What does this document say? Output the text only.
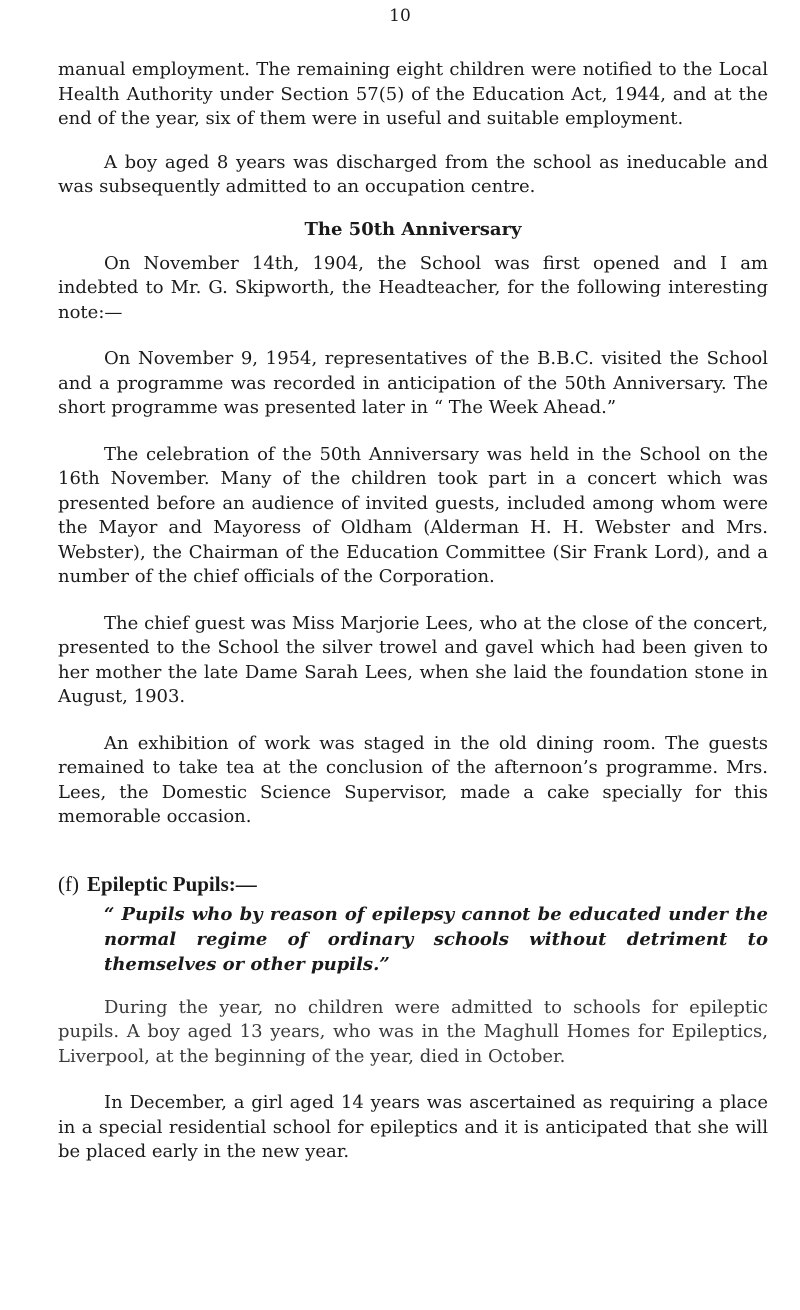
10

manual employment. The remaining eight children were notified to the Local Health Authority under Section 57(5) of the Education Act, 1944, and at the end of the year, six of them were in useful and suitable employment.

A boy aged 8 years was discharged from the school as ineducable and was subsequently admitted to an occupation centre.

The 50th Anniversary

On November 14th, 1904, the School was first opened and I am indebted to Mr. G. Skipworth, the Headteacher, for the following interesting note:—

On November 9, 1954, representatives of the B.B.C. visited the School and a programme was recorded in anticipation of the 50th Anniversary. The short programme was presented later in “ The Week Ahead.”

The celebration of the 50th Anniversary was held in the School on the 16th November. Many of the children took part in a concert which was presented before an audience of invited guests, included among whom were the Mayor and Mayoress of Oldham (Alderman H. H. Webster and Mrs. Webster), the Chairman of the Education Committee (Sir Frank Lord), and a number of the chief officials of the Corporation.

The chief guest was Miss Marjorie Lees, who at the close of the concert, presented to the School the silver trowel and gavel which had been given to her mother the late Dame Sarah Lees, when she laid the foundation stone in August, 1903.

An exhibition of work was staged in the old dining room. The guests remained to take tea at the conclusion of the afternoon’s programme. Mrs. Lees, the Domestic Science Supervisor, made a cake specially for this memorable occasion.

(f) Epileptic Pupils:—
“ Pupils who by reason of epilepsy cannot be educated under the normal regime of ordinary schools without detriment to themselves or other pupils.”

During the year, no children were admitted to schools for epileptic pupils. A boy aged 13 years, who was in the Maghull Homes for Epileptics, Liverpool, at the beginning of the year, died in October.

In December, a girl aged 14 years was ascertained as requiring a place in a special residential school for epileptics and it is anticipated that she will be placed early in the new year.
